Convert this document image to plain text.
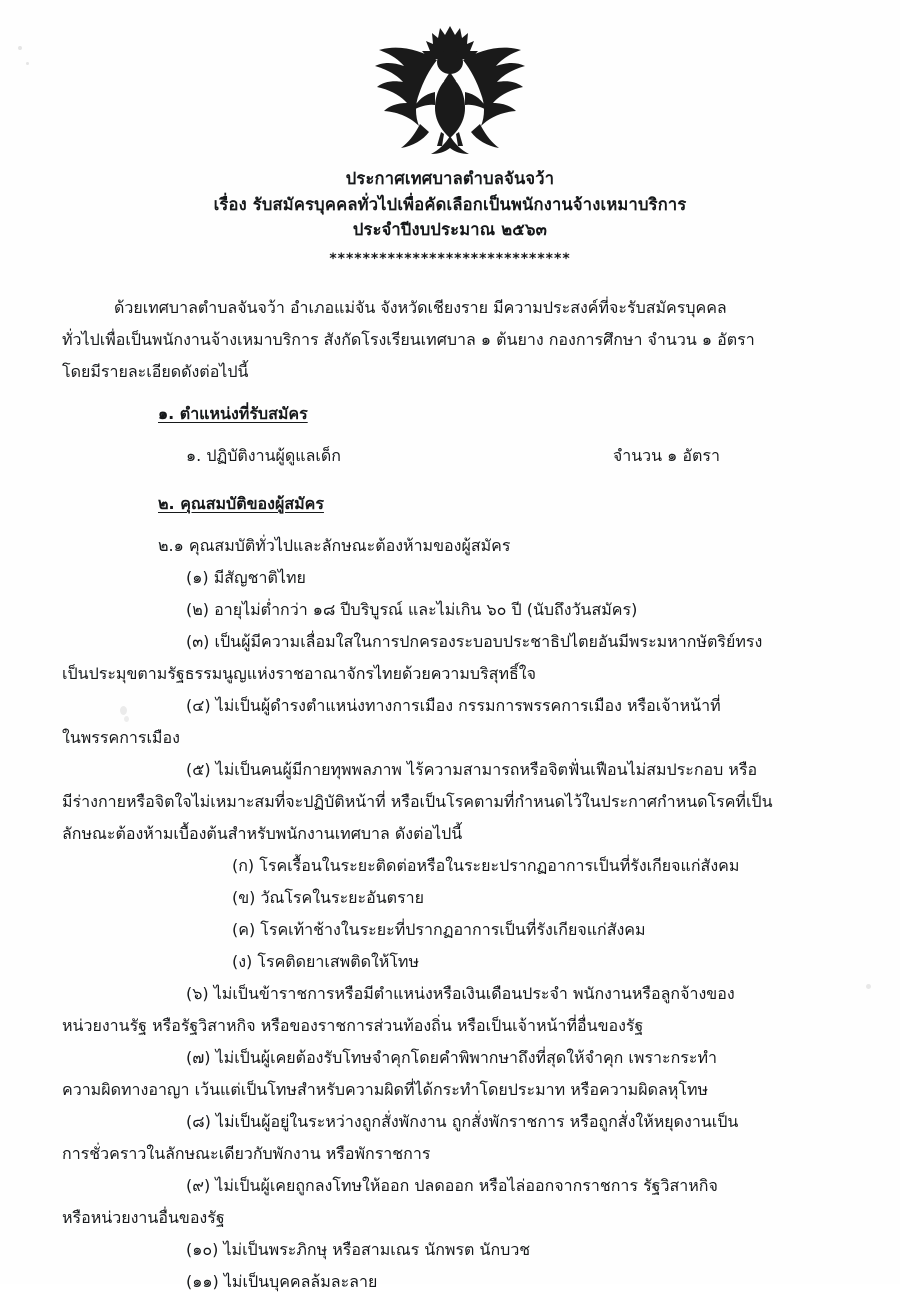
ประกาศเทศบาลตำบลจันจว้า
เรื่อง รับสมัครบุคคลทั่วไปเพื่อคัดเลือกเป็นพนักงานจ้างเหมาบริการ
ประจำปีงบประมาณ ๒๕๖๓
*****************************

ด้วยเทศบาลตำบลจันจว้า อำเภอแม่จัน จังหวัดเชียงราย มีความประสงค์ที่จะรับสมัครบุคคล

ทั่วไปเพื่อเป็นพนักงานจ้างเหมาบริการ สังกัดโรงเรียนเทศบาล ๑ ต้นยาง กองการศึกษา จำนวน ๑ อัตรา

โดยมีรายละเอียดดังต่อไปนี้

๑. ตำแหน่งที่รับสมัคร

๑. ปฏิบัติงานผู้ดูแลเด็ก	จำนวน ๑ อัตรา

๒. คุณสมบัติของผู้สมัคร

๒.๑ คุณสมบัติทั่วไปและลักษณะต้องห้ามของผู้สมัคร

(๑) มีสัญชาติไทย

(๒) อายุไม่ต่ำกว่า ๑๘ ปีบริบูรณ์ และไม่เกิน ๖๐ ปี (นับถึงวันสมัคร)

(๓) เป็นผู้มีความเลื่อมใสในการปกครองระบอบประชาธิปไตยอันมีพระมหากษัตริย์ทรง

เป็นประมุขตามรัฐธรรมนูญแห่งราชอาณาจักรไทยด้วยความบริสุทธิ์ใจ

(๔) ไม่เป็นผู้ดำรงตำแหน่งทางการเมือง กรรมการพรรคการเมือง หรือเจ้าหน้าที่

ในพรรคการเมือง

(๕) ไม่เป็นคนผู้มีกายทุพพลภาพ ไร้ความสามารถหรือจิตฟั่นเฟือนไม่สมประกอบ หรือ

มีร่างกายหรือจิตใจไม่เหมาะสมที่จะปฏิบัติหน้าที่ หรือเป็นโรคตามที่กำหนดไว้ในประกาศกำหนดโรคที่เป็น

ลักษณะต้องห้ามเบื้องต้นสำหรับพนักงานเทศบาล ดังต่อไปนี้

(ก) โรคเรื้อนในระยะติดต่อหรือในระยะปรากฏอาการเป็นที่รังเกียจแก่สังคม

(ข) วัณโรคในระยะอันตราย

(ค) โรคเท้าช้างในระยะที่ปรากฏอาการเป็นที่รังเกียจแก่สังคม

(ง) โรคติดยาเสพติดให้โทษ

(๖) ไม่เป็นข้าราชการหรือมีตำแหน่งหรือเงินเดือนประจำ พนักงานหรือลูกจ้างของ

หน่วยงานรัฐ หรือรัฐวิสาหกิจ หรือของราชการส่วนท้องถิ่น หรือเป็นเจ้าหน้าที่อื่นของรัฐ

(๗) ไม่เป็นผู้เคยต้องรับโทษจำคุกโดยคำพิพากษาถึงที่สุดให้จำคุก เพราะกระทำ

ความผิดทางอาญา เว้นแต่เป็นโทษสำหรับความผิดที่ได้กระทำโดยประมาท หรือความผิดลหุโทษ

(๘) ไม่เป็นผู้อยู่ในระหว่างถูกสั่งพักงาน ถูกสั่งพักราชการ หรือถูกสั่งให้หยุดงานเป็น

การชั่วคราวในลักษณะเดียวกับพักงาน หรือพักราชการ

(๙) ไม่เป็นผู้เคยถูกลงโทษให้ออก ปลดออก หรือไล่ออกจากราชการ รัฐวิสาหกิจ

หรือหน่วยงานอื่นของรัฐ

(๑๐) ไม่เป็นพระภิกษุ หรือสามเณร นักพรต นักบวช

(๑๑) ไม่เป็นบุคคลล้มละลาย
